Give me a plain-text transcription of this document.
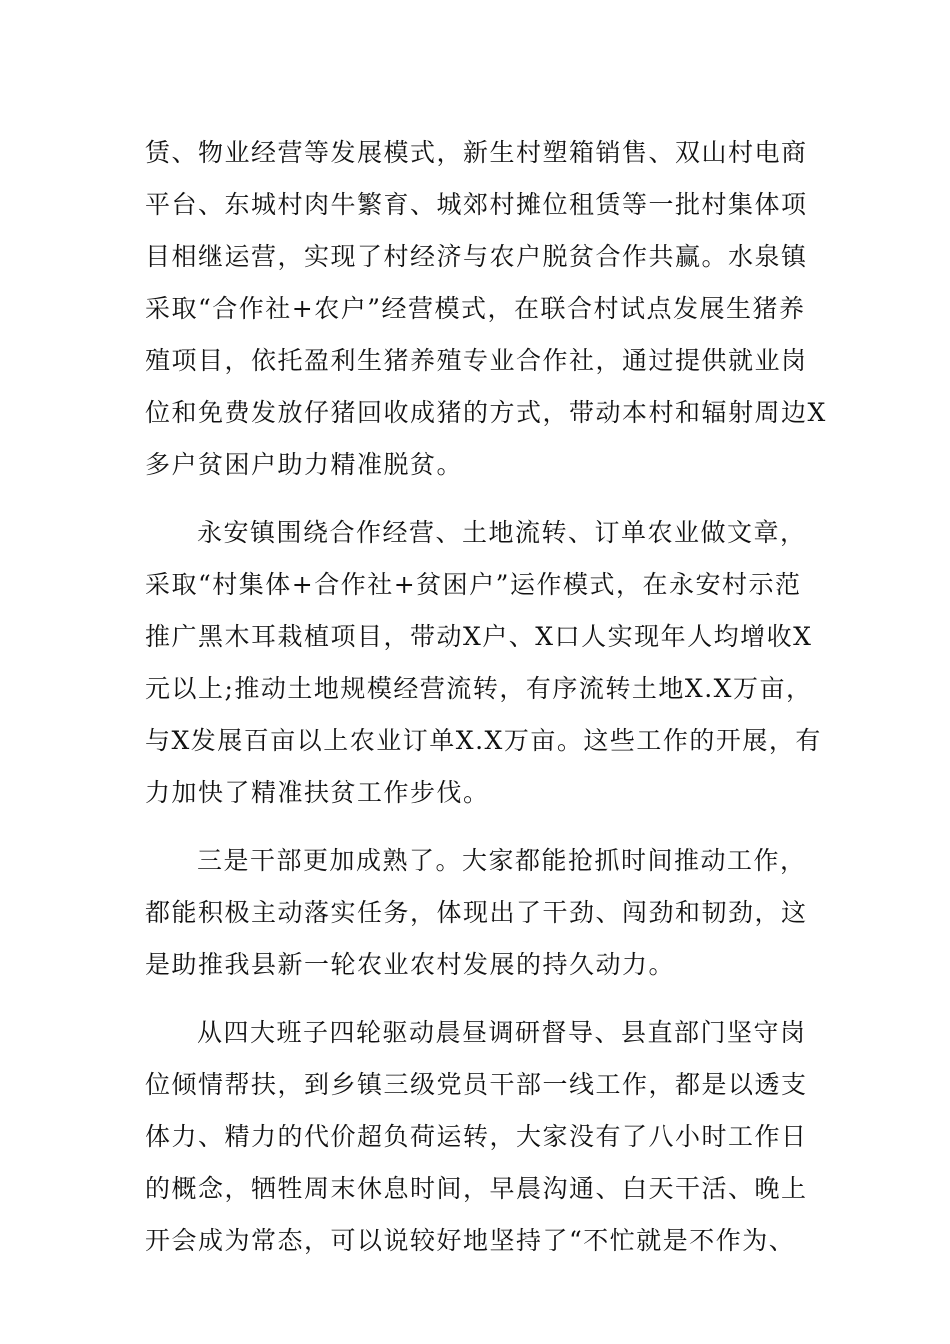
赁、物业经营等发展模式，新生村塑箱销售、双山村电商
平台、东城村肉牛繁育、城郊村摊位租赁等一批村集体项
目相继运营，实现了村经济与农户脱贫合作共赢。水泉镇
采取“合作社+农户”经营模式，在联合村试点发展生猪养
殖项目，依托盈利生猪养殖专业合作社，通过提供就业岗
位和免费发放仔猪回收成猪的方式，带动本村和辐射周边X
多户贫困户助力精准脱贫。
永安镇围绕合作经营、土地流转、订单农业做文章，
采取“村集体+合作社+贫困户”运作模式，在永安村示范
推广黑木耳栽植项目，带动X户、X口人实现年人均增收X
元以上;推动土地规模经营流转，有序流转土地X.X万亩，
与X发展百亩以上农业订单X.X万亩。这些工作的开展，有
力加快了精准扶贫工作步伐。
三是干部更加成熟了。大家都能抢抓时间推动工作，
都能积极主动落实任务，体现出了干劲、闯劲和韧劲，这
是助推我县新一轮农业农村发展的持久动力。
从四大班子四轮驱动晨昼调研督导、县直部门坚守岗
位倾情帮扶，到乡镇三级党员干部一线工作，都是以透支
体力、精力的代价超负荷运转，大家没有了八小时工作日
的概念，牺牲周末休息时间，早晨沟通、白天干活、晚上
开会成为常态，可以说较好地坚持了“不忙就是不作为、
